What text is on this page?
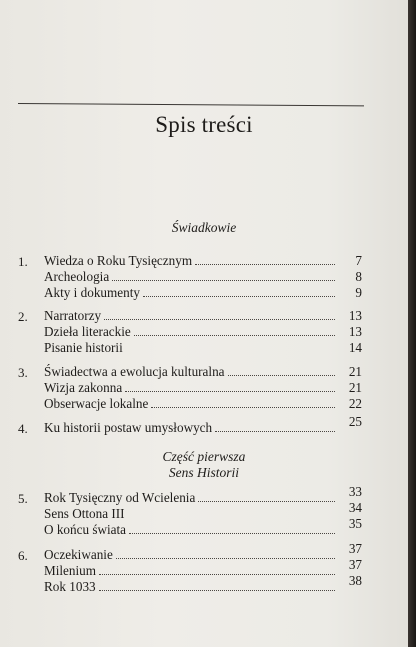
Spis treści
Świadkowie
1. Wiedza o Roku Tysięcznym	7
Archeologia	8
Akty i dokumenty	9
2. Narratorzy	13
Dzieła literackie	13
Pisanie historii	14
3. Świadectwa a ewolucja kulturalna	21
Wizja zakonna	21
Obserwacje lokalne	22
4. Ku historii postaw umysłowych	25
Część pierwsza
Sens Historii
5. Rok Tysięczny od Wcielenia	33
Sens Ottona III	34
O końcu świata	35
6. Oczekiwanie	37
Milenium	37
Rok 1033	38
